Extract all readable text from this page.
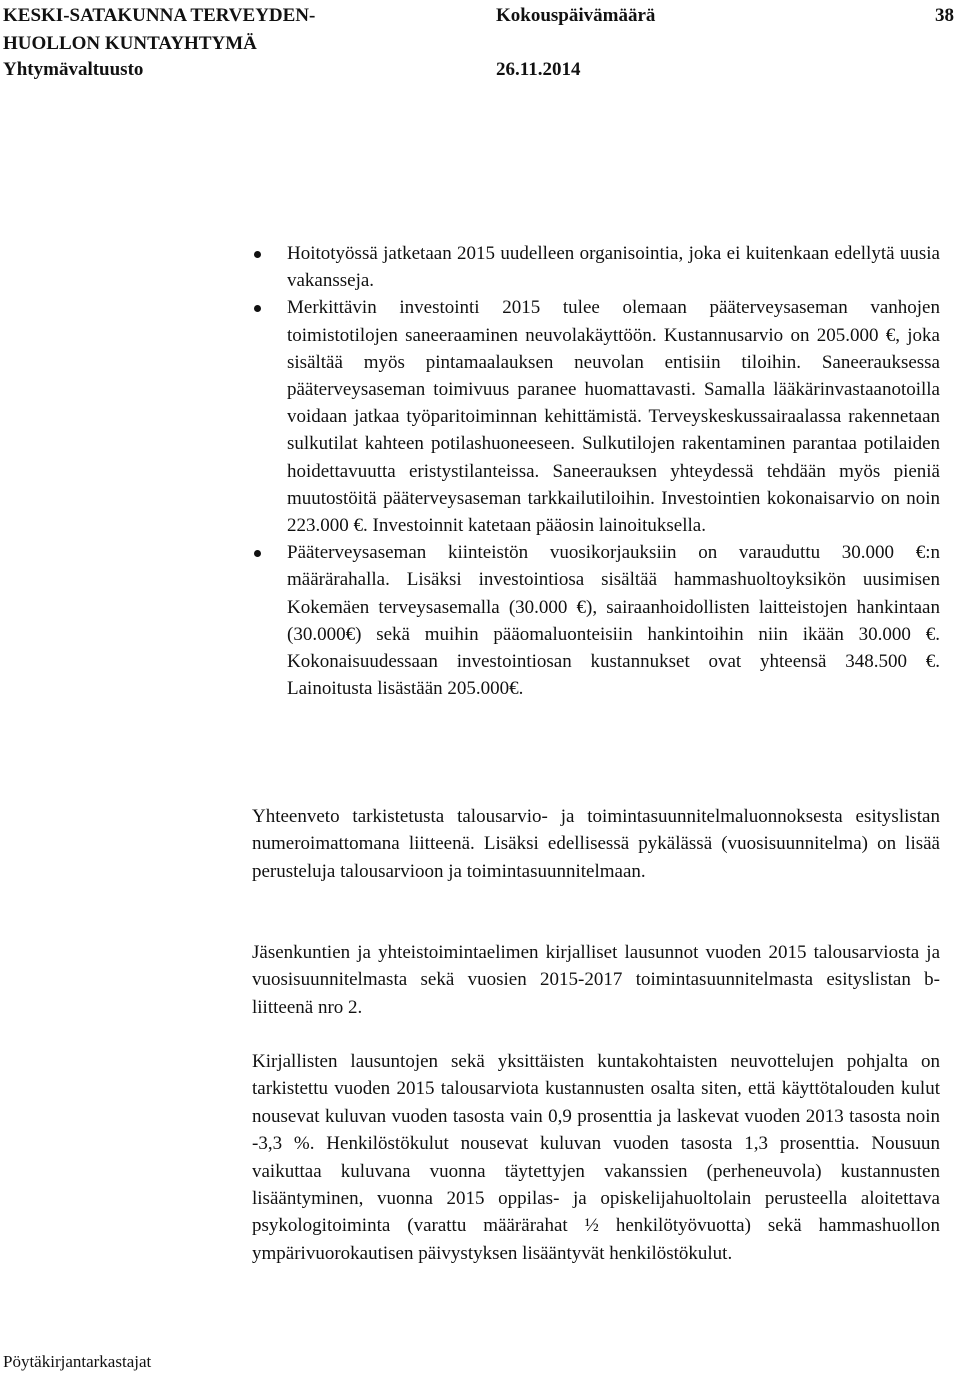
KESKI-SATAKUNNA TERVEYDEN-
HUOLLON KUNTAYHTYMÄ
Yhtymävaltuusto
Kokouspäivämäärä
26.11.2014
38
Hoitotyössä jatketaan 2015 uudelleen organisointia, joka ei kuitenkaan edellytä uusia vakansseja.
Merkittävin investointi 2015 tulee olemaan pääterveysaseman vanhojen toimistotilojen saneeraaminen neuvolakäyttöön. Kustannusarvio on 205.000 €, joka sisältää myös pintamaalauksen neuvolan entisiin tiloihin. Saneerauksessa pääterveysaseman toimivuus paranee huomattavasti. Samalla lääkärinvastaanotoilla voidaan jatkaa työparitoiminnan kehittämistä. Terveyskeskussairaalassa rakennetaan sulkutilat kahteen potilashuoneeseen. Sulkutilojen rakentaminen parantaa potilaiden hoidettavuutta eristystilanteissa. Saneerauksen yhteydessä tehdään myös pieniä muutostöitä pääterveysaseman tarkkailutiloihin. Investointien kokonaisarvio on noin 223.000 €. Investoinnit katetaan pääosin lainoituksella.
Pääterveysaseman kiinteistön vuosikorjauksiin on varauduttu 30.000 €:n määrärahalla. Lisäksi investointiosa sisältää hammashuoltoyksikön uusimisen Kokemäen terveysasemalla (30.000 €), sairaanhoidollisten laitteistojen hankintaan (30.000€) sekä muihin pääomaluonteisiin hankintoihin niin ikään 30.000 €. Kokonaisuudessaan investointiosan kustannukset ovat yhteensä 348.500 €. Lainoitusta lisästään 205.000€.

Yhteenveto tarkistetusta talousarvio- ja toimintasuunnitelmaluonnoksesta esityslistan numeroimattomana liitteenä. Lisäksi edellisessä pykälässä (vuosisuunnitelma) on lisää perusteluja talousarvioon ja toimintasuunnitelmaan.

Jäsenkuntien ja yhteistoimintaelimen kirjalliset lausunnot vuoden 2015 talousarviosta ja vuosisuunnitelmasta sekä vuosien 2015-2017 toimintasuunnitelmasta esityslistan b-liitteenä nro 2.

Kirjallisten lausuntojen sekä yksittäisten kuntakohtaisten neuvottelujen pohjalta on tarkistettu vuoden 2015 talousarviota kustannusten osalta siten, että käyttötalouden kulut nousevat kuluvan vuoden tasosta vain 0,9 prosenttia ja laskevat vuoden 2013 tasosta noin -3,3 %. Henkilöstökulut nousevat kuluvan vuoden tasosta 1,3 prosenttia. Nousuun vaikuttaa kuluvana vuonna täytettyjen vakanssien (perheneuvola) kustannusten lisääntyminen, vuonna 2015 oppilas- ja opiskelijahuoltolain perusteella aloitettava psykologitoiminta (varattu määrärahat ½ henkilötyövuotta) sekä hammashuollon ympärivuorokautisen päivystyksen lisääntyvät henkilöstökulut.

Pöytäkirjantarkastajat
